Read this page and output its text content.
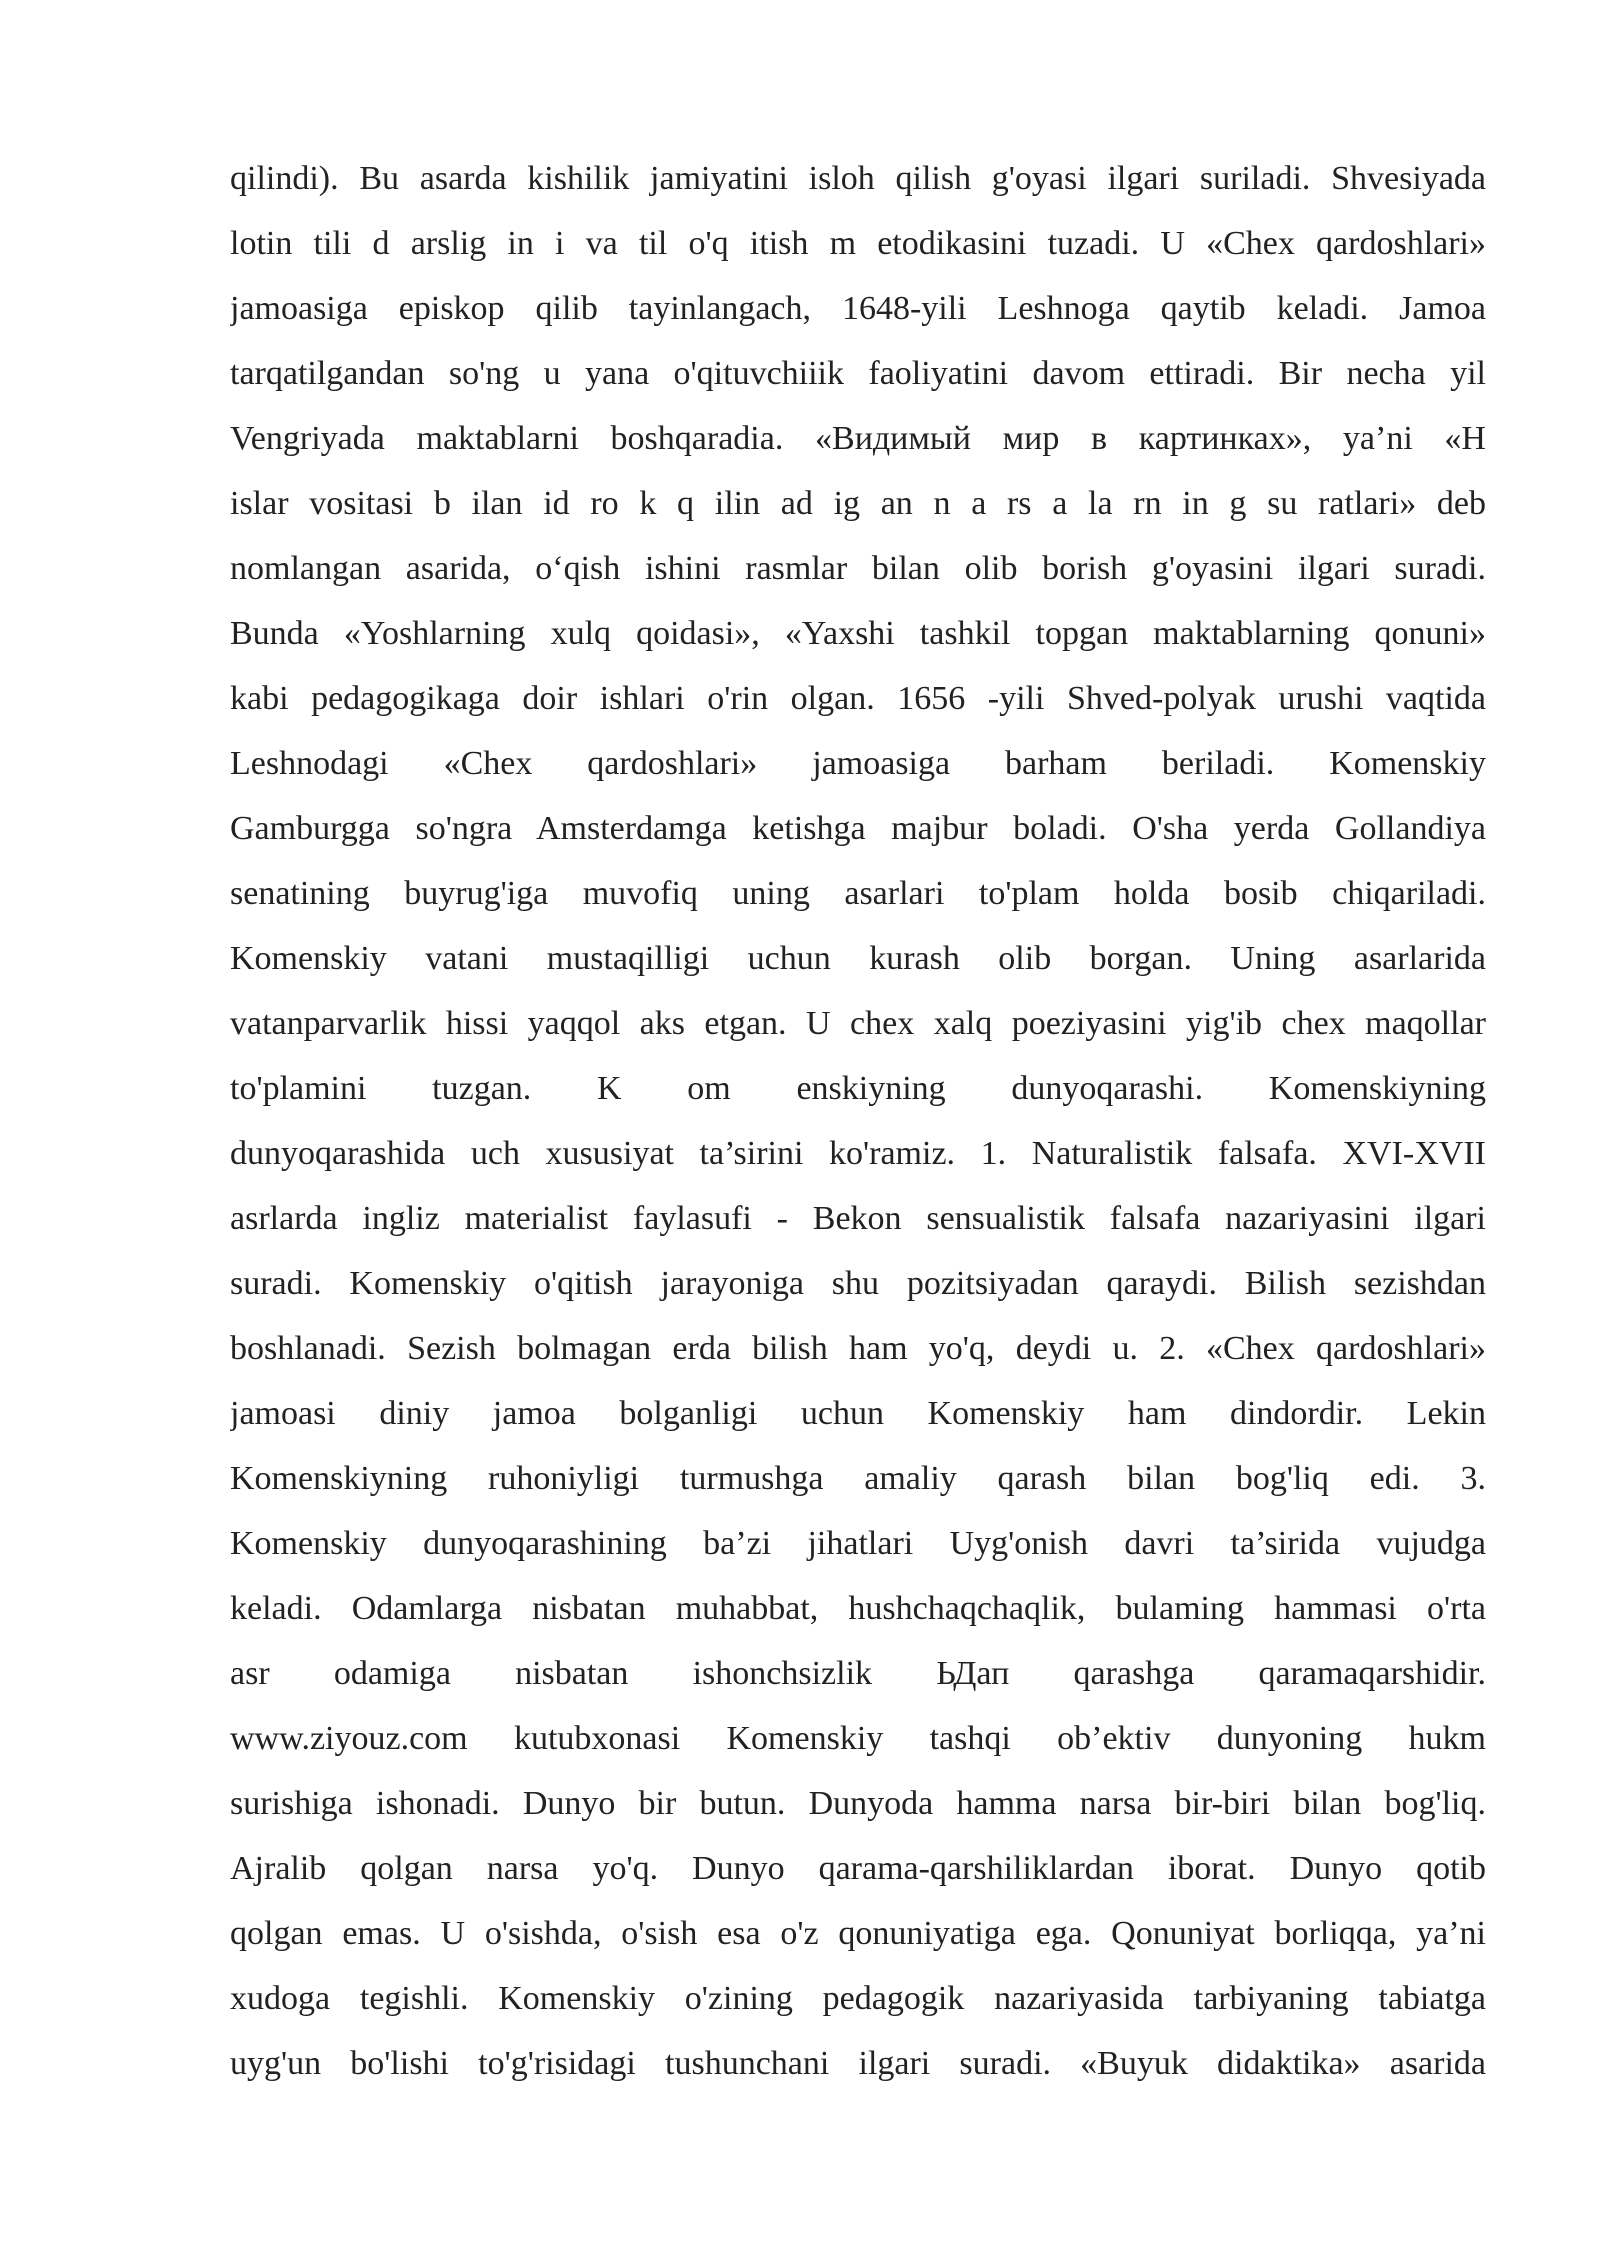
qilindi). Bu asarda kishilik jamiyatini isloh qilish g'oyasi ilgari suriladi. Shvesiyada
lotin tili d arslig in i va til o'q itish m etodikasini tuzadi. U «Chex qardoshlari»
jamoasiga episkop qilib tayinlangach, 1648-yili Leshnoga qaytib keladi. Jamoa
tarqatilgandan so'ng u yana o'qituvchiiik faoliyatini davom ettiradi. Bir necha yil
Vengriyada maktablarni boshqaradia. «Видимый мир в картинках», ya’ni «H
islar vositasi b ilan id ro k q ilin ad ig an n a rs a la rn in g su ratlari» deb
nomlangan asarida, o‘qish ishini rasmlar bilan olib borish g'oyasini ilgari suradi.
Bunda «Yoshlarning xulq qoidasi», «Yaxshi tashkil topgan maktablarning qonuni»
kabi pedagogikaga doir ishlari o'rin olgan. 1656 -yili Shved-polyak urushi vaqtida
Leshnodagi «Chex qardoshlari» jamoasiga barham beriladi. Komenskiy
Gamburgga so'ngra Amsterdamga ketishga majbur boladi. O'sha yerda Gollandiya
senatining buyrug'iga muvofiq uning asarlari to'plam holda bosib chiqariladi.
Komenskiy vatani mustaqilligi uchun kurash olib borgan. Uning asarlarida
vatanparvarlik hissi yaqqol aks etgan. U chex xalq poeziyasini yig'ib chex maqollar
to'plamini tuzgan. K om enskiyning dunyoqarashi. Komenskiyning
dunyoqarashida uch xususiyat ta’sirini ko'ramiz. 1. Naturalistik falsafa. XVI-XVII
asrlarda ingliz materialist faylasufi - Bekon sensualistik falsafa nazariyasini ilgari
suradi. Komenskiy o'qitish jarayoniga shu pozitsiyadan qaraydi. Bilish sezishdan
boshlanadi. Sezish bolmagan erda bilish ham yo'q, deydi u. 2. «Chex qardoshlari»
jamoasi diniy jamoa bolganligi uchun Komenskiy ham dindordir. Lekin
Komenskiyning ruhoniyligi turmushga amaliy qarash bilan bog'liq edi. 3.
Komenskiy dunyoqarashining ba’zi jihatlari Uyg'onish davri ta’sirida vujudga
keladi. Odamlarga nisbatan muhabbat, hushchaqchaqlik, bulaming hammasi o'rta
asr odamiga nisbatan ishonchsizlik ЬДап qarashga qaramaqarshidir.
www.ziyouz.com kutubxonasi Komenskiy tashqi ob’ektiv dunyoning hukm
surishiga ishonadi. Dunyo bir butun. Dunyoda hamma narsa bir-biri bilan bog'liq.
Ajralib qolgan narsa yo'q. Dunyo qarama-qarshiliklardan iborat. Dunyo qotib
qolgan emas. U o'sishda, o'sish esa o'z qonuniyatiga ega. Qonuniyat borliqqa, ya’ni
xudoga tegishli. Komenskiy o'zining pedagogik nazariyasida tarbiyaning tabiatga
uyg'un bo'lishi to'g'risidagi tushunchani ilgari suradi. «Buyuk didaktika» asarida
